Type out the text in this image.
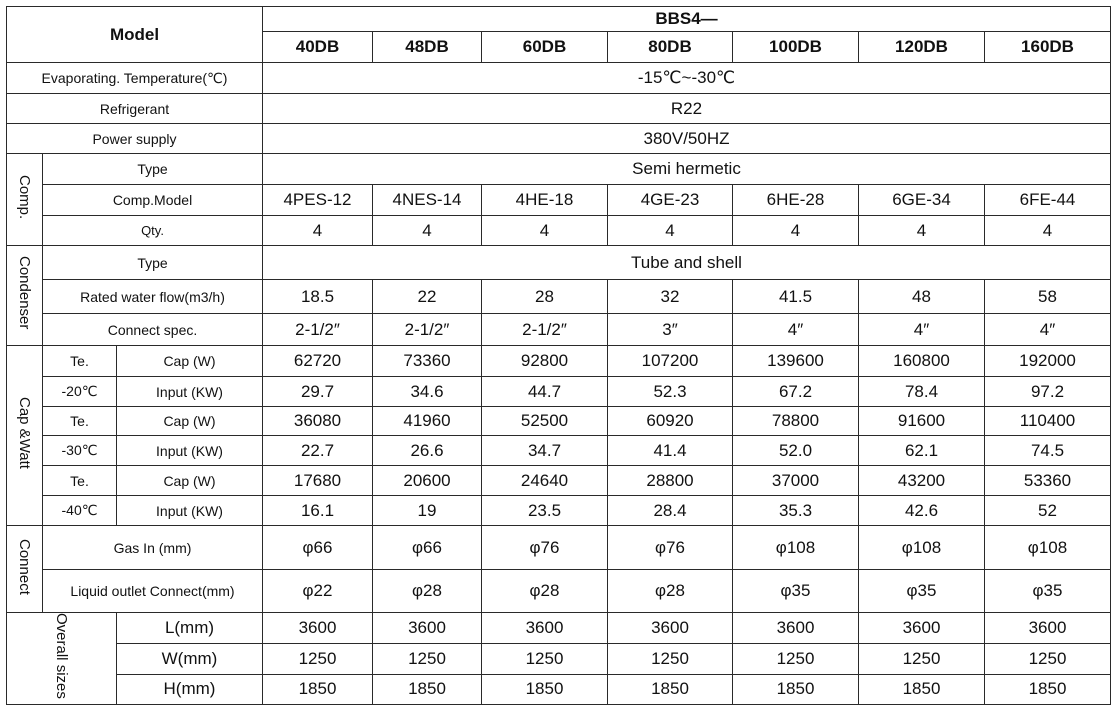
Model			BBS4—						
			40DB	48DB	60DB	80DB	100DB	120DB	160DB
Evaporating. Temperature(℃)			-15℃~-30℃						
Refrigerant			R22						
Power supply			380V/50HZ						
Comp.	Type		Semi hermetic						
	Comp.Model		4PES-12	4NES-14	4HE-18	4GE-23	6HE-28	6GE-34	6FE-44
	Qty.		4	4	4	4	4	4	4
Condenser	Type		Tube and shell						
	Rated water flow(m3/h)		18.5	22	28	32	41.5	48	58
	Connect spec.		2-1/2″	2-1/2″	2-1/2″	3″	4″	4″	4″
Cap &Watt	Te.	Cap (W)	62720	73360	92800	107200	139600	160800	192000
	-20℃	Input (KW)	29.7	34.6	44.7	52.3	67.2	78.4	97.2
	Te.	Cap (W)	36080	41960	52500	60920	78800	91600	110400
	-30℃	Input (KW)	22.7	26.6	34.7	41.4	52.0	62.1	74.5
	Te.	Cap (W)	17680	20600	24640	28800	37000	43200	53360
	-40℃	Input (KW)	16.1	19	23.5	28.4	35.3	42.6	52
Connect	Gas In (mm)		φ66	φ66	φ76	φ76	φ108	φ108	φ108
	Liquid outlet Connect(mm)		φ22	φ28	φ28	φ28	φ35	φ35	φ35
Overall sizes		L(mm)	3600	3600	3600	3600	3600	3600	3600
		W(mm)	1250	1250	1250	1250	1250	1250	1250
		H(mm)	1850	1850	1850	1850	1850	1850	1850
